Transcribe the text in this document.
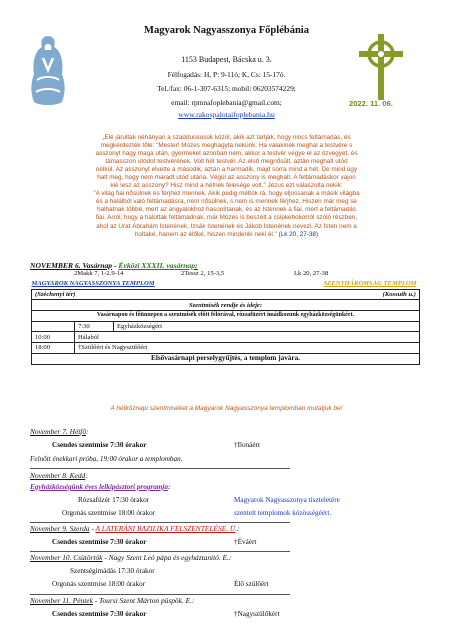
Magyarok Nagyasszonya Főplébánia
1153 Budapest, Bácska u. 3.
Félfogadás: H, P: 9-11ó; K, Cs: 15-17ó.
Tel./fax: 06-1-307-6315; mobil: 06203574229;
email: rpmnafoplebania@gmail.com;
www.rakospalotaifoplebania.hu
2022. 11. 06.
„Elé járultak néhányan a szadduceusok közül, akik azt tartják, hogy nincs feltámadás, és
megkérdezték tőle: "Mester! Mózes meghagyta nekünk: Ha valakinek meghal a testvére s
asszonyt hagy maga után, gyermeket azonban nem, akkor a testvér vegye el az özvegyet, és
támasszon utódot testvérének. Volt hét testvér. Az első megnősült, aztán meghalt utód
nélkül. Az asszonyt elvette a második, aztán a harmadik, majd sorra mind a hét. De mind úgy
halt meg, hogy nem maradt utód utána. Végül az asszony is meghalt. A feltámadáskor vajon
kié lesz az asszony? Hisz mind a hétnek felesége volt." Jézus ezt válaszolta nekik:
"A világ fiai nősülnek és férjhez mennek. Akik pedig méltók rá, hogy eljussanak a másik világba
és a halálból való feltámadásra, nem nősülnek, s nem is mennek férjhez. Hiszen már meg se
halhatnak többé, mert az angyalokhoz hasonlítanak, és az Istennek a fiai, mert a feltámadás
fiai. Arról, hogy a halottak feltámadnak, már Mózes is beszélt a csipkebokorról szóló részben,
ahol az Urat Ábrahám Istenének, Izsák Istenének és Jákob Istenének nevezi. Az Isten nem a
holtaké, hanem az élőké, hiszen mindenki neki él." (Lk 20, 27-38)
NOVEMBER 6. Vasárnap - Évközi XXXII. vasárnap:
2Makk 7, 1-2.9-14	2Tessz 2, 15-3,5	Lk 20, 27-38
MAGYAROK NAGYASSZONYA TEMPLOM SZENTHÁROMSÁG TEMPLOM		

(Széchenyi tér) (Kossuth u.)		

Szentmisék rendje és ideje:		
Vasárnapon és főünnepen a szentmisék előtt félórával, rózsafüzért imádkozunk egyházközségünkért.		
	7:30	Egyházközségért
10:00	Hálaból	
18:00	†Szülőért és Nagyszülőért	
Elsővasárnapi perselygyűjtés, a templom javára.		
A hétköznapi szentmiséket a Magyarok Nagyasszonya templomban mutatjuk be!
November 7. Hétfő:
Csendes szentmise 7:30 órakor	†Ilonáért
Felnőtt énekkari próba, 19:00 órakor a templomban.
November 8. Kedd:
Egyházközségünk éves lelkipásztori programja:
Rózsafüzér 17:30 órakor
Orgonás szentmise 18:00 órakor
Magyarok Nagyasszonya tiszteletére
szentelt templomok közösségéért.
November 9. Szerda - A LATERÁNI BAZILIKA FELSZENTELÉSE. Ü.:
Csendes szentmise 7:30 órakor	†Éváért
November 10. Csütörtök - Nagy Szent Leó pápa és egyháztanító. E.:
Szentségimádás 17:30 órakor
Orgonás szentmise 18:00 órakor	Élő szülőért
November 11. Péntek - Toursi Szent Márton püspök. E.:
Csendes szentmise 7:30 órakor	†Nagyszülőkért
